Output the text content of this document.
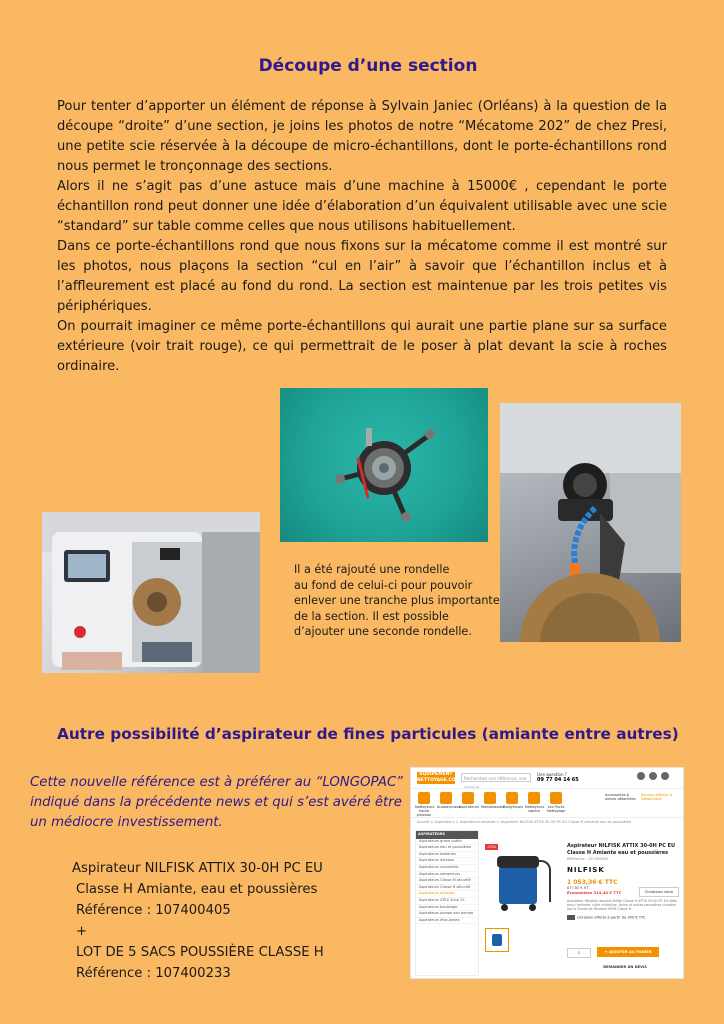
Découpe d’une section

Pour tenter d’apporter un élément de réponse à Sylvain Janiec (Orléans) à la question de la découpe “droite” d’une section, je joins les photos de notre “Mécatome 202” de chez Presi, une petite scie réservée à la découpe de micro-échantillons, dont le porte-échantillons rond nous permet le tronçonnage des sections.

Alors il ne s’agit pas d’une astuce mais d’une machine à 15000€ , cependant le porte échantillon rond peut donner une idée d’élaboration d’un équivalent utilisable avec une scie “standard” sur table comme celles que nous utilisons habituellement.

Dans ce porte-échantillons rond que nous fixons sur la mécatome comme il est montré sur les photos, nous plaçons la section “cul en l’air” à savoir que l’échantillon inclus et à l’affleurement est placé au fond du rond. La section est maintenue par les trois petites vis périphériques.

On pourrait imaginer ce même porte-échantillons qui aurait une partie plane sur sa surface extérieure (voir trait rouge), ce qui permettrait de le poser à plat devant la scie à roches ordinaire.

Il a été rajouté une rondelle
au fond de celui-ci pour pouvoir
enlever une tranche plus importante
de la section. Il est possible
d’ajouter une seconde rondelle.
Autre possibilité d’aspirateur de fines particules (amiante entre autres)
Cette nouvelle référence est à préférer au “LONGOPAC” indiqué dans la précédente news et qui s’est avéré être un médiocre investissement.
Aspirateur NILFISK ATTIX 30-0H PC EU
Classe H Amiante, eau et poussières
Référence : 107400405
+
LOT DE 5 SACS POUSSIÈRE CLASSE H
Référence : 107400233
ÉQUIPEMENT NETTOYAGE.COM Recherchez une référence, une marque...
Une question ?
09 77 04 14 65
Nettoyeurs haute pression
Autolaveuses
Aspirateurs Monobrosses Balayeuses Nettoyeurs vapeur
Les Packs Nettoyage
Accessoires & pièces détachées
Bonnes Affaires & Déstockage
Accueil > Aspirateurs > Aspirateurs amiante > Aspirateur NILFISK ATTIX 30-0H PC EU Classe H Amiante eau et poussières
ASPIRATEURS
Aspirateurs grand public
Aspirateurs eau et poussières
Aspirateurs batteries
Aspirateurs dorsaux
Aspirateurs industriels
Aspirateurs extracteurs
Aspirateurs Classe M sécurité
Aspirateurs Classe H sécurité
Aspirateurs amiante
Aspirateurs ATEX Zone 22
Aspirateurs boulanger
Aspirateurs pompe eau pompe
Aspirateurs lève-jantes
-20%	Aspirateur NILFISK ATTIX 30-0H PC EU Classe H Amiante eau et poussières
Référence : 107400405
NILFISK
1 053,36 € TTC
877,80 € HT
Économisez 314,44 € TTC	Choisissez votre
Aspirateur filtration absolue Nilfisk Classe H ATTIX 30-0H PC EU idéal pour l'amiante, silice cristalline, farine et autres poussières classées par la Classe de filtration HEPA Classe H.
Livraison offerte à partir de 300 € TTC
1	+ AJOUTER AU PANIER
DEMANDER UN DEVIS
